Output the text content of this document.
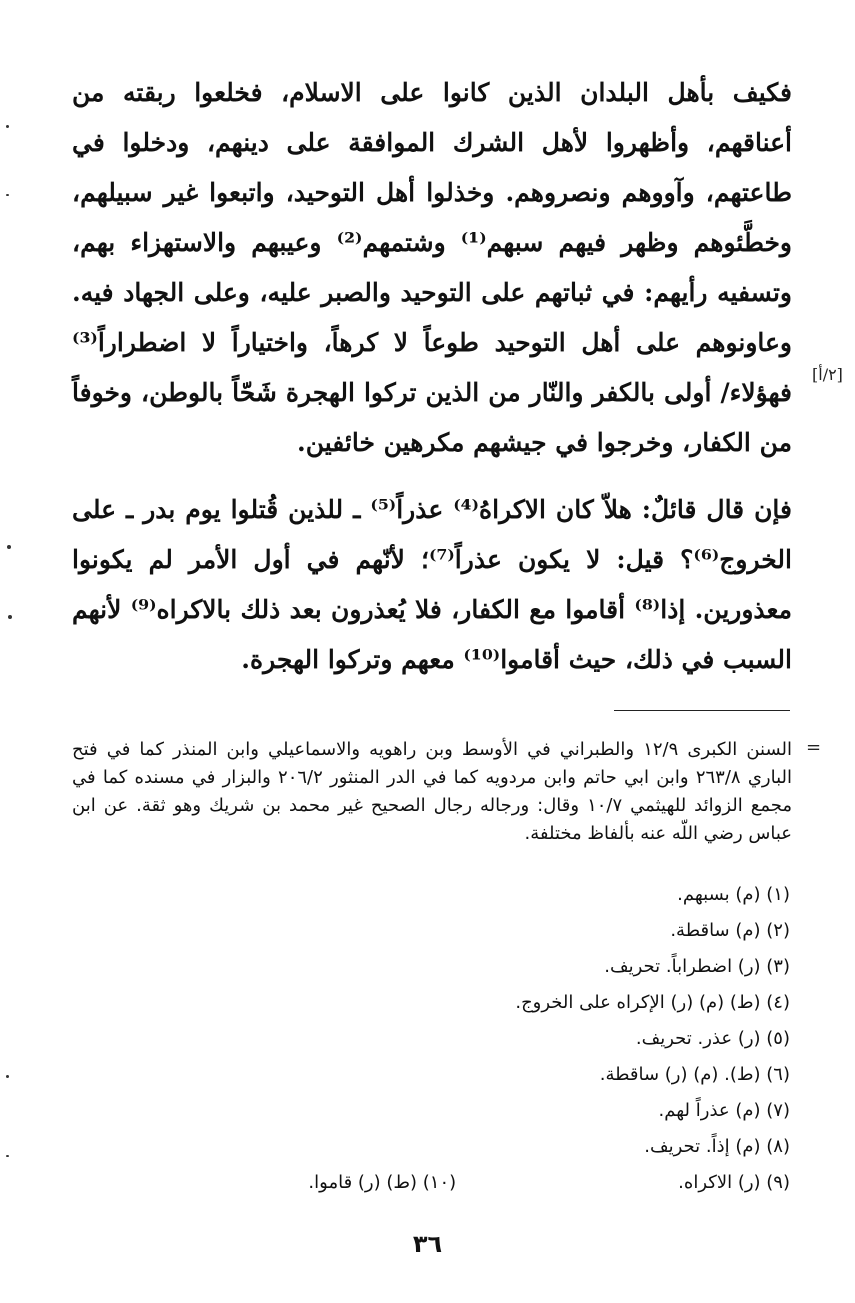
فكيف بأهل البلدان الذين كانوا على الاسلام، فخلعوا ربقته من أعناقهم، وأظهروا لأهل الشرك الموافقة على دينهم، ودخلوا في طاعتهم، وآووهم ونصروهم. وخذلوا أهل التوحيد، واتبعوا غير سبيلهم، وخطَّئوهم وظهر فيهم سبهم⁽¹⁾ وشتمهم⁽²⁾ وعيبهم والاستهزاء بهم، وتسفيه رأيهم: في ثباتهم على التوحيد والصبر عليه، وعلى الجهاد فيه. وعاونوهم على أهل التوحيد طوعاً لا كرهاً، واختياراً لا اضطراراً⁽³⁾ فهؤلاء/ أولى بالكفر والنّار من الذين تركوا الهجرة شَحّاً بالوطن، وخوفاً من الكفار، وخرجوا في جيشهم مكرهين خائفين.

[٢/أ]

فإن قال قائلٌ: هلاّ كان الاكراهُ⁽⁴⁾ عذراً⁽⁵⁾ ـ للذين قُتلوا يوم بدر ـ على الخروج⁽⁶⁾؟ قيل: لا يكون عذراً⁽⁷⁾؛ لأنّهم في أول الأمر لم يكونوا معذورين. إذا⁽⁸⁾ أقاموا مع الكفار، فلا يُعذرون بعد ذلك بالاكراه⁽⁹⁾ لأنهم السبب في ذلك، حيث أقاموا⁽¹⁰⁾ معهم وتركوا الهجرة.

=

السنن الكبرى ١٢/٩ والطبراني في الأوسط وبن راهويه والاسماعيلي وابن المنذر كما في فتح الباري ٢٦٣/٨ وابن ابي حاتم وابن مردويه كما في الدر المنثور ٢٠٦/٢ والبزار في مسنده كما في مجمع الزوائد للهيثمي ١٠/٧ وقال: ورجاله رجال الصحيح غير محمد بن شريك وهو ثقة. عن ابن عباس رضي اللّه عنه بألفاظ مختلفة.

(١) (م) بسبهم.
(٢) (م) ساقطة.
(٣) (ر) اضطراباً. تحريف.
(٤) (ط) (م) (ر) الإكراه على الخروج.
(٥) (ر) عذر. تحريف.
(٦) (ط). (م) (ر) ساقطة.
(٧) (م) عذراً لهم.
(٨) (م) إذاً. تحريف.
(٩) (ر) الاكراه.
(١٠) (ط) (ر) قاموا.
٣٦
